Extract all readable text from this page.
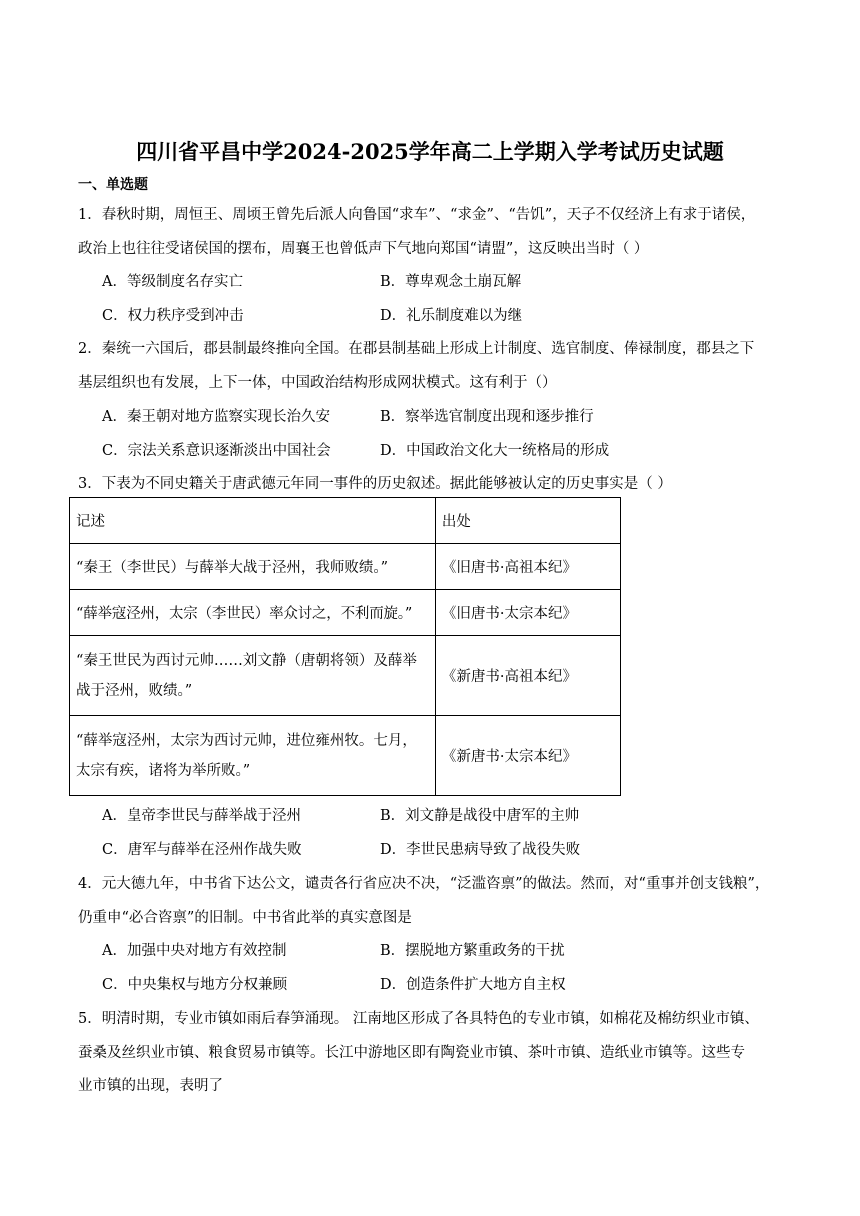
四川省平昌中学2024-2025学年高二上学期入学考试历史试题
一、单选题
1．春秋时期，周恒王、周顷王曾先后派人向鲁国“求车”、“求金”、“告饥”，天子不仅经济上有求于诸侯，
政治上也往往受诸侯国的摆布，周襄王也曾低声下气地向郑国“请盟”，这反映出当时（ ）
A．等级制度名存实亡	B．尊卑观念土崩瓦解
C．权力秩序受到冲击	D．礼乐制度难以为继
2．秦统一六国后，郡县制最终推向全国。在郡县制基础上形成上计制度、选官制度、俸禄制度，郡县之下
基层组织也有发展，上下一体，中国政治结构形成网状模式。这有利于（）
A．秦王朝对地方监察实现长治久安	B．察举选官制度出现和逐步推行
C．宗法关系意识逐渐淡出中国社会	D．中国政治文化大一统格局的形成
3．下表为不同史籍关于唐武德元年同一事件的历史叙述。据此能够被认定的历史事实是（ ）
记述	出处
“秦王（李世民）与薛举大战于泾州，我师败绩。”	《旧唐书·高祖本纪》
“薛举寇泾州，太宗（李世民）率众讨之，不利而旋。”	《旧唐书·太宗本纪》

“秦王世民为西讨元帅……刘文静（唐朝将领）及薛举
战于泾州，败绩。”	《新唐书·高祖本纪》

“薛举寇泾州，太宗为西讨元帅，进位雍州牧。七月，
太宗有疾，诸将为举所败。”	《新唐书·太宗本纪》
A．皇帝李世民与薛举战于泾州	B．刘文静是战役中唐军的主帅
C．唐军与薛举在泾州作战失败	D．李世民患病导致了战役失败
4．元大德九年，中书省下达公文，谴责各行省应决不决，“泛滥咨禀”的做法。然而，对“重事并创支钱粮”，
仍重申“必合咨禀”的旧制。中书省此举的真实意图是
A．加强中央对地方有效控制	B．摆脱地方繁重政务的干扰
C．中央集权与地方分权兼顾	D．创造条件扩大地方自主权
5．明清时期，专业市镇如雨后春笋涌现。 江南地区形成了各具特色的专业市镇，如棉花及棉纺织业市镇、
蚕桑及丝织业市镇、粮食贸易市镇等。长江中游地区即有陶瓷业市镇、茶叶市镇、造纸业市镇等。这些专
业市镇的出现，表明了
